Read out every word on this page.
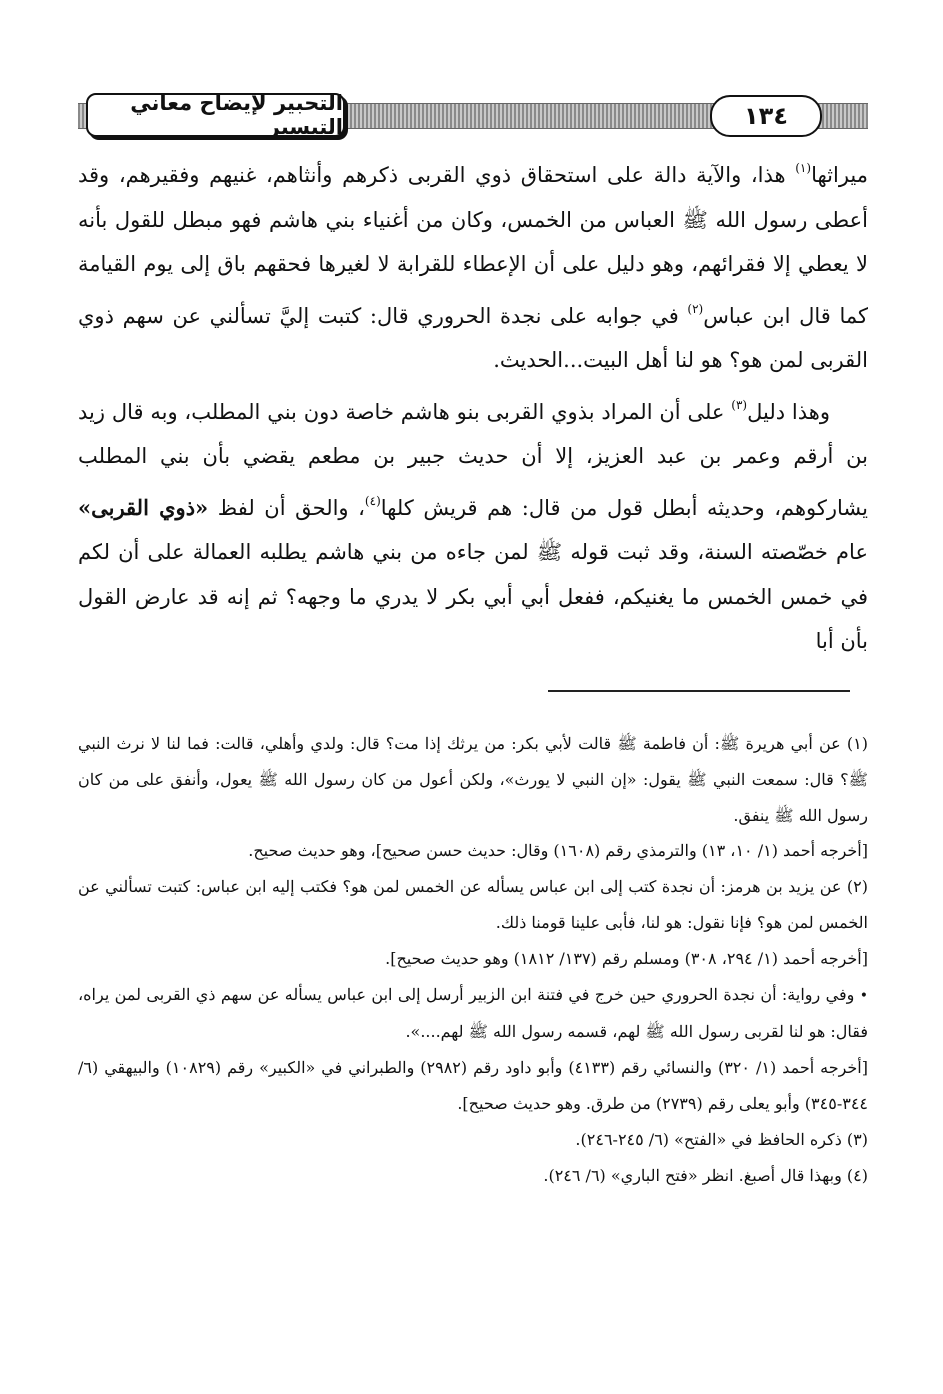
التحبير لإيضاح معاني التيسير	١٣٤

ميراثها$^{(١)}$ هذا، والآية دالة على استحقاق ذوي القربى ذكرهم وأنثاهم، غنيهم وفقيرهم، وقد أعطى رسول الله ﷺ العباس من الخمس، وكان من أغنياء بني هاشم فهو مبطل للقول بأنه لا يعطي إلا فقرائهم، وهو دليل على أن الإعطاء للقرابة لا لغيرها فحقهم باق إلى يوم القيامة كما قال ابن عباس$^{(٢)}$ في جوابه على نجدة الحروري قال: كتبت إليَّ تسألني عن سهم ذوي القربى لمن هو؟ هو لنا أهل البيت...الحديث.

وهذا دليل$^{(٣)}$ على أن المراد بذوي القربى بنو هاشم خاصة دون بني المطلب، وبه قال زيد بن أرقم وعمر بن عبد العزيز، إلا أن حديث جبير بن مطعم يقضي بأن بني المطلب يشاركوهم، وحديثه أبطل قول من قال: هم قريش كلها$^{(٤)}$، والحق أن لفظ «ذوي القربى» عام خصّصته السنة، وقد ثبت قوله ﷺ لمن جاءه من بني هاشم يطلبه العمالة على أن لكم في خمس الخمس ما يغنيكم، ففعل أبي أبي بكر لا يدري ما وجهه؟ ثم إنه قد عارض القول بأن أبا

(١) عن أبي هريرة ﷺ: أن فاطمة ﷺ قالت لأبي بكر: من يرثك إذا مت؟ قال: ولدي وأهلي، قالت: فما لنا لا نرث النبي ﷺ؟ قال: سمعت النبي ﷺ يقول: «إن النبي لا يورث»، ولكن أعول من كان رسول الله ﷺ يعول، وأنفق على من كان رسول الله ﷺ ينفق.

[أخرجه أحمد (١/ ١٠، ١٣) والترمذي رقم (١٦٠٨) وقال: حديث حسن صحيح]، وهو حديث صحيح.

(٢) عن يزيد بن هرمز: أن نجدة كتب إلى ابن عباس يسأله عن الخمس لمن هو؟ فكتب إليه ابن عباس: كتبت تسألني عن الخمس لمن هو؟ فإنا نقول: هو لنا، فأبى علينا قومنا ذلك.

[أخرجه أحمد (١/ ٢٩٤، ٣٠٨) ومسلم رقم (١٣٧/ ١٨١٢) وهو حديث صحيح].

• وفي رواية: أن نجدة الحروري حين خرج في فتنة ابن الزبير أرسل إلى ابن عباس يسأله عن سهم ذي القربى لمن يراه، فقال: هو لنا لقربى رسول الله ﷺ لهم، قسمه رسول الله ﷺ لهم....».

[أخرجه أحمد (١/ ٣٢٠) والنسائي رقم (٤١٣٣) وأبو داود رقم (٢٩٨٢) والطبراني في «الكبير» رقم (١٠٨٢٩) والبيهقي (٦/ ٣٤٤-٣٤٥) وأبو يعلى رقم (٢٧٣٩) من طرق. وهو حديث صحيح].

(٣) ذكره الحافظ في «الفتح» (٦/ ٢٤٥-٢٤٦).

(٤) وبهذا قال أصبغ. انظر «فتح الباري» (٦/ ٢٤٦).
